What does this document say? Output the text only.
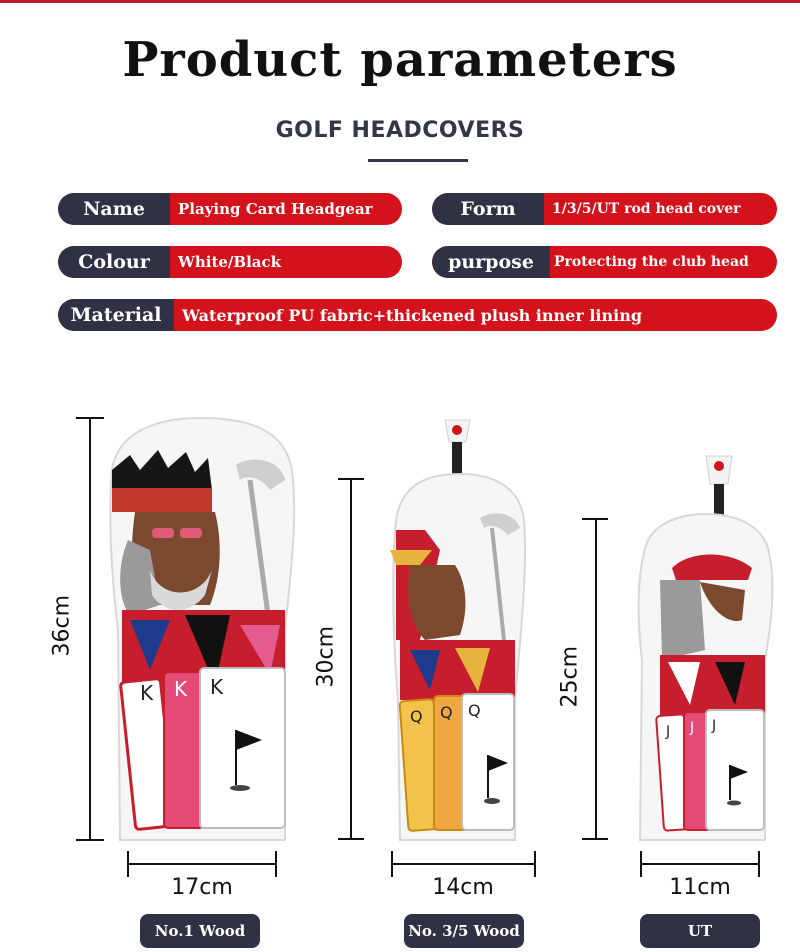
Product parameters
GOLF HEADCOVERS
Name	Playing Card Headgear	Form	1/3/5/UT rod head cover
Colour	White/Black	purpose	Protecting the club head
Material	Waterproof PU fabric+thickened plush inner lining
K K K
Q Q Q
J J J
36cm
30cm	25cm
17cm	14cm	11cm
No.1 Wood	No. 3/5 Wood	UT
